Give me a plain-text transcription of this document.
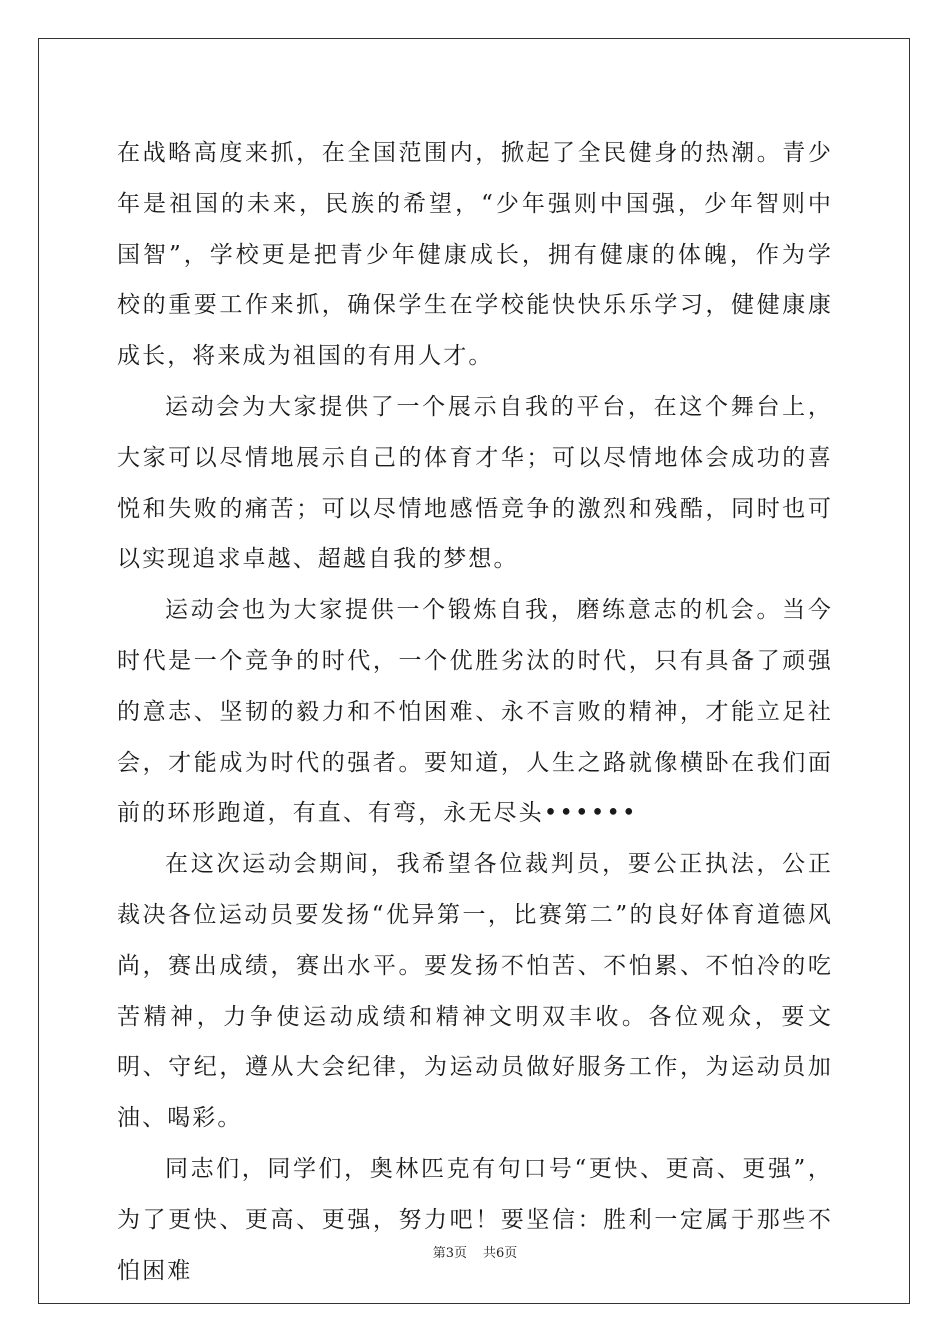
在战略高度来抓，在全国范围内，掀起了全民健身的热潮。青少年是祖国的未来，民族的希望，“少年强则中国强，少年智则中国智”，学校更是把青少年健康成长，拥有健康的体魄，作为学校的重要工作来抓，确保学生在学校能快快乐乐学习，健健康康成长，将来成为祖国的有用人才。

运动会为大家提供了一个展示自我的平台，在这个舞台上，大家可以尽情地展示自己的体育才华；可以尽情地体会成功的喜悦和失败的痛苦；可以尽情地感悟竞争的激烈和残酷，同时也可以实现追求卓越、超越自我的梦想。

运动会也为大家提供一个锻炼自我，磨练意志的机会。当今时代是一个竞争的时代，一个优胜劣汰的时代，只有具备了顽强的意志、坚韧的毅力和不怕困难、永不言败的精神，才能立足社会，才能成为时代的强者。要知道，人生之路就像横卧在我们面前的环形跑道，有直、有弯，永无尽头••••••

在这次运动会期间，我希望各位裁判员，要公正执法，公正裁决各位运动员要发扬“优异第一，比赛第二”的良好体育道德风尚，赛出成绩，赛出水平。要发扬不怕苦、不怕累、不怕冷的吃苦精神，力争使运动成绩和精神文明双丰收。各位观众，要文明、守纪，遵从大会纪律，为运动员做好服务工作，为运动员加油、喝彩。

同志们，同学们，奥林匹克有句口号“更快、更高、更强”，为了更快、更高、更强，努力吧！要坚信：胜利一定属于那些不怕困难

第3页 共6页
